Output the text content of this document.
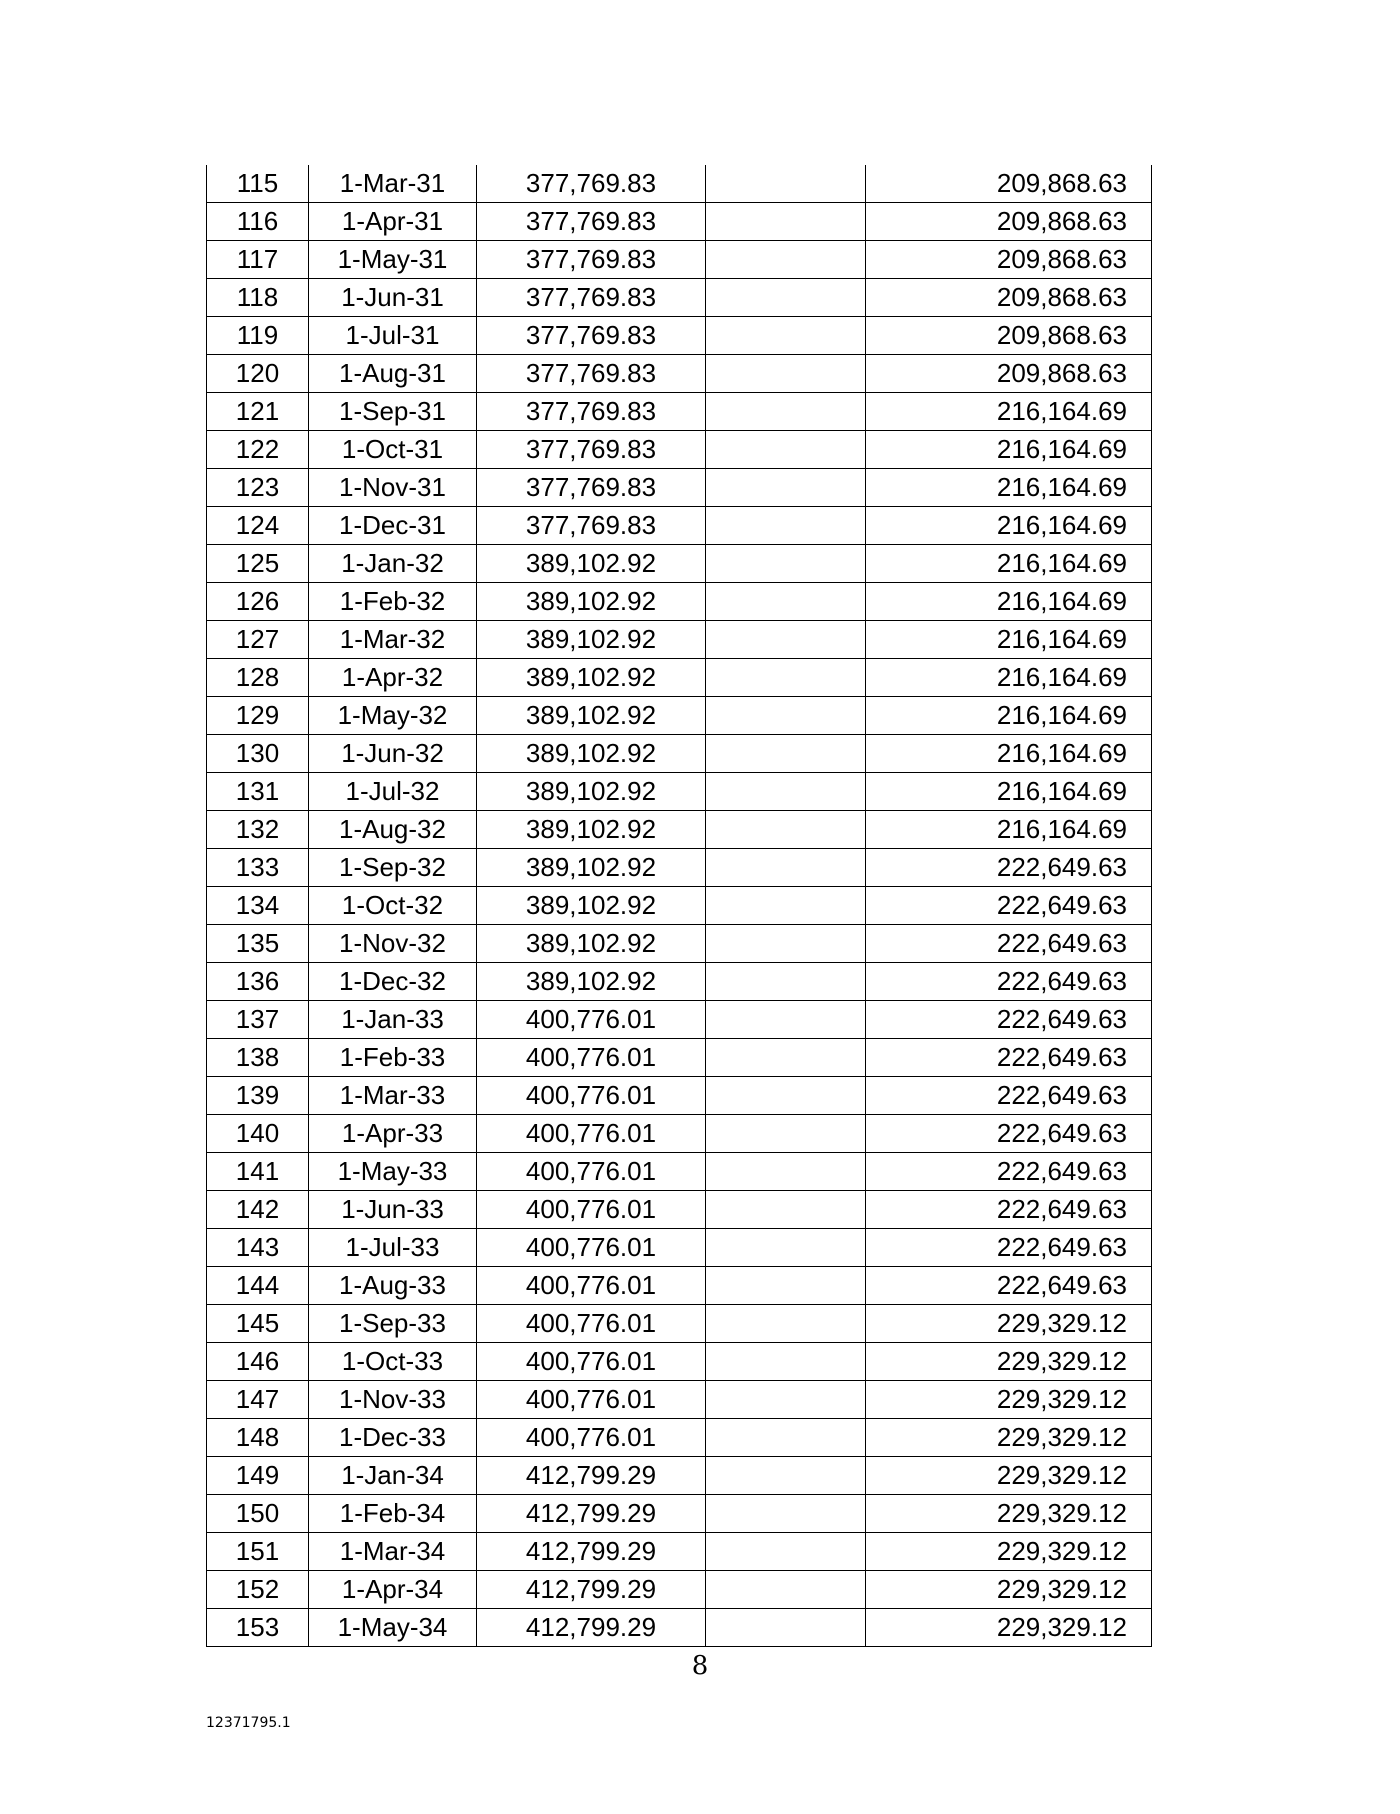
115	1-Mar-31	377,769.83		209,868.63
116	1-Apr-31	377,769.83		209,868.63
117	1-May-31	377,769.83		209,868.63
118	1-Jun-31	377,769.83		209,868.63
119	1-Jul-31	377,769.83		209,868.63
120	1-Aug-31	377,769.83		209,868.63
121	1-Sep-31	377,769.83		216,164.69
122	1-Oct-31	377,769.83		216,164.69
123	1-Nov-31	377,769.83		216,164.69
124	1-Dec-31	377,769.83		216,164.69
125	1-Jan-32	389,102.92		216,164.69
126	1-Feb-32	389,102.92		216,164.69
127	1-Mar-32	389,102.92		216,164.69
128	1-Apr-32	389,102.92		216,164.69
129	1-May-32	389,102.92		216,164.69
130	1-Jun-32	389,102.92		216,164.69
131	1-Jul-32	389,102.92		216,164.69
132	1-Aug-32	389,102.92		216,164.69
133	1-Sep-32	389,102.92		222,649.63
134	1-Oct-32	389,102.92		222,649.63
135	1-Nov-32	389,102.92		222,649.63
136	1-Dec-32	389,102.92		222,649.63
137	1-Jan-33	400,776.01		222,649.63
138	1-Feb-33	400,776.01		222,649.63
139	1-Mar-33	400,776.01		222,649.63
140	1-Apr-33	400,776.01		222,649.63
141	1-May-33	400,776.01		222,649.63
142	1-Jun-33	400,776.01		222,649.63
143	1-Jul-33	400,776.01		222,649.63
144	1-Aug-33	400,776.01		222,649.63
145	1-Sep-33	400,776.01		229,329.12
146	1-Oct-33	400,776.01		229,329.12
147	1-Nov-33	400,776.01		229,329.12
148	1-Dec-33	400,776.01		229,329.12
149	1-Jan-34	412,799.29		229,329.12
150	1-Feb-34	412,799.29		229,329.12
151	1-Mar-34	412,799.29		229,329.12
152	1-Apr-34	412,799.29		229,329.12
153	1-May-34	412,799.29		229,329.12
8
12371795.1
